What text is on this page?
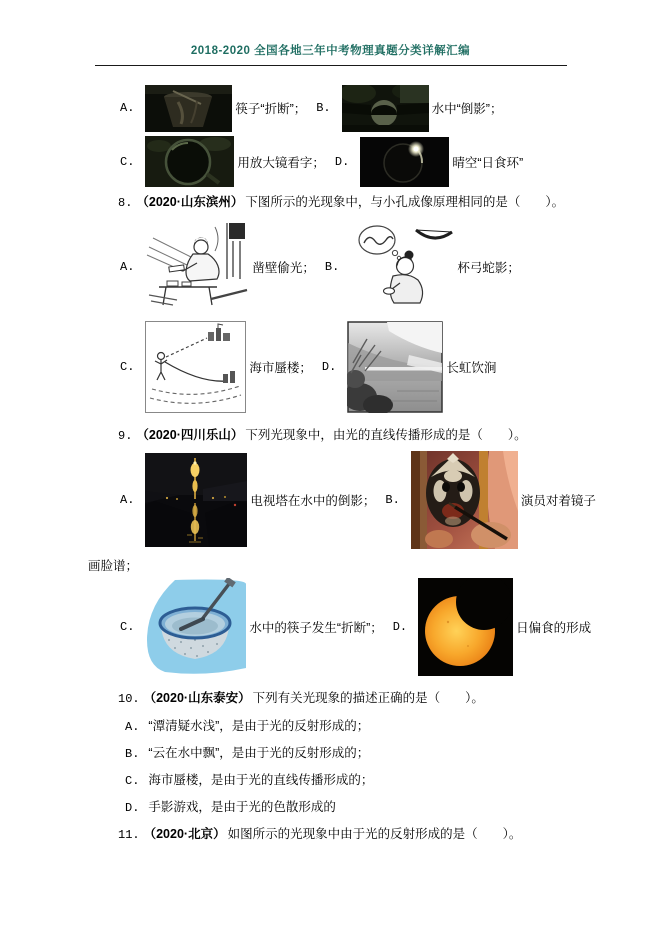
2018-2020 全国各地三年中考物理真题分类详解汇编
A.	筷子“折断”； B.	水中“倒影”；
C.	用放大镜看字； D.	晴空“日食环”
8. （2020·山东滨州） 下图所示的光现象中，与小孔成像原理相同的是（　　）。
A.	凿壁偷光； B.	杯弓蛇影；
C.	海市蜃楼； D.	长虹饮涧
9. （2020·四川乐山） 下列光现象中，由光的直线传播形成的是（　　）。
A.	电视塔在水中的倒影； B.	演员对着镜子
画脸谱；
C.	水中的筷子发生“折断”； D.	日偏食的形成
10. （2020·山东泰安） 下列有关光现象的描述正确的是（　　）。
A. “潭清疑水浅”，是由于光的反射形成的；
B. “云在水中飘”，是由于光的反射形成的；
C. 海市蜃楼，是由于光的直线传播形成的；
D. 手影游戏，是由于光的色散形成的
11. （2020·北京） 如图所示的光现象中由于光的反射形成的是（　　）。
